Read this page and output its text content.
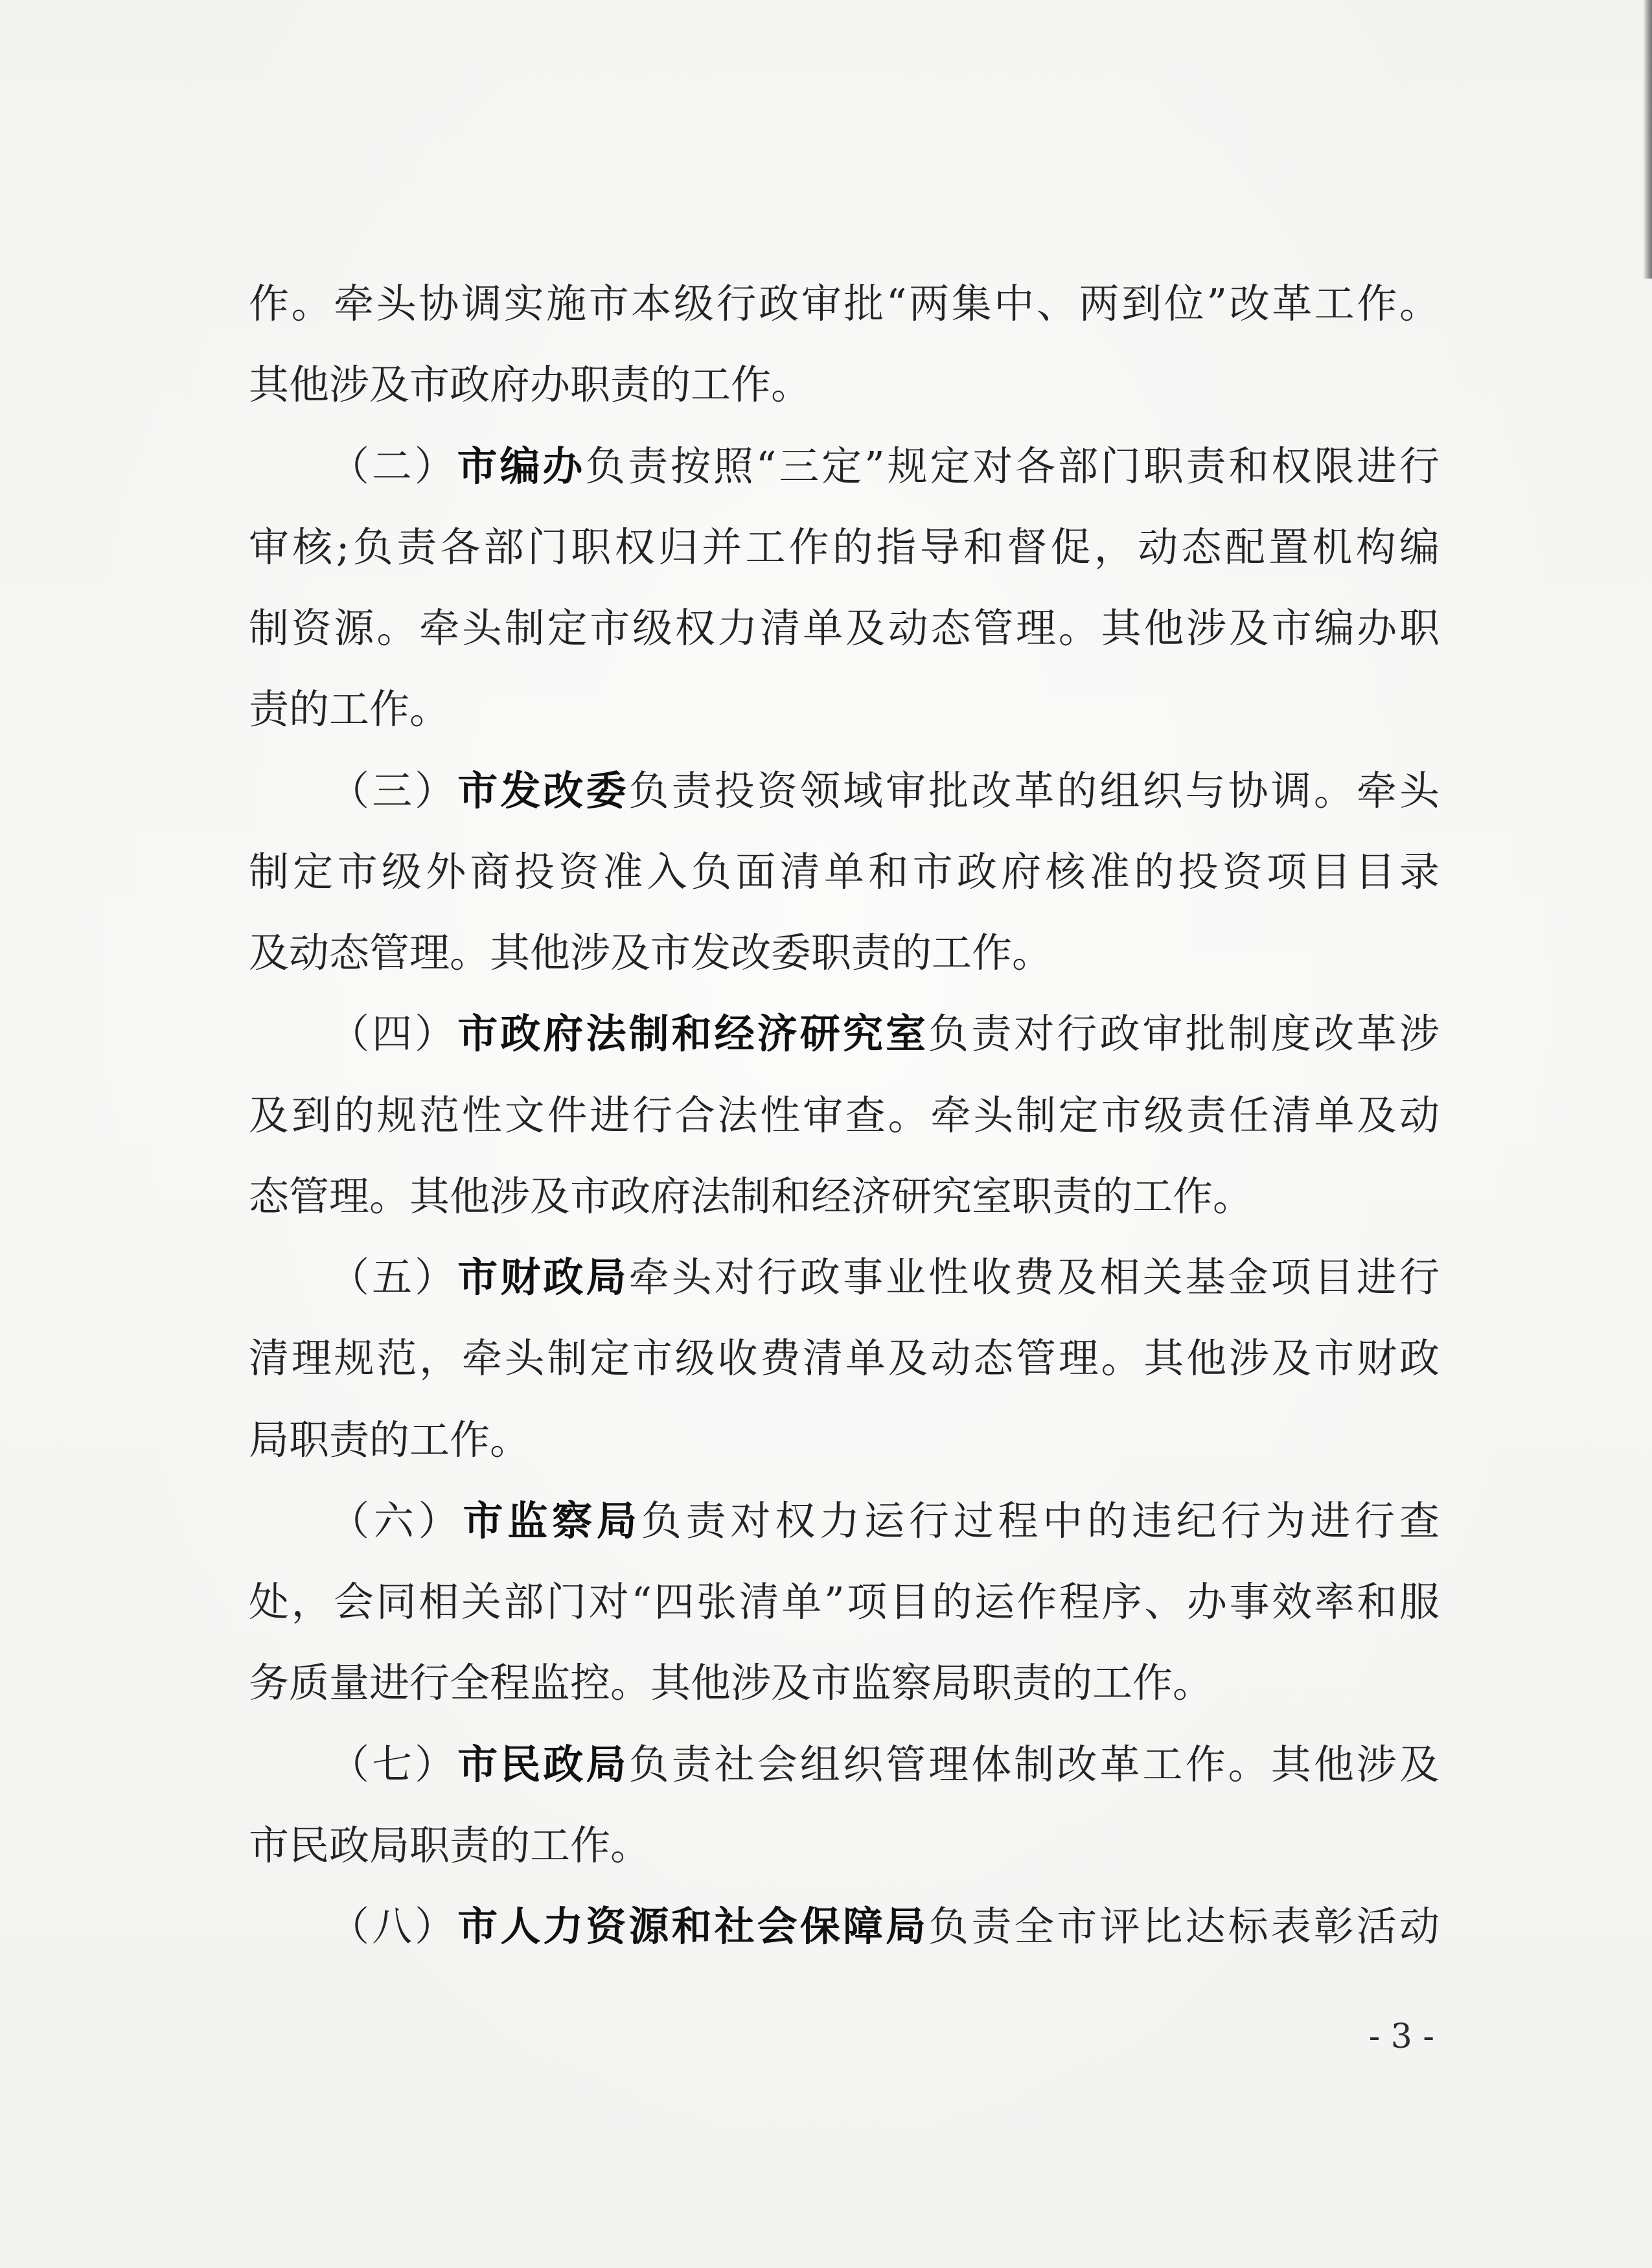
作。牵头协调实施市本级行政审批“两集中、两到位”改革工作。
其他涉及市政府办职责的工作。
（二）市编办负责按照“三定”规定对各部门职责和权限进行
审核;负责各部门职权归并工作的指导和督促，动态配置机构编
制资源。牵头制定市级权力清单及动态管理。其他涉及市编办职
责的工作。
（三）市发改委负责投资领域审批改革的组织与协调。牵头
制定市级外商投资准入负面清单和市政府核准的投资项目目录
及动态管理。其他涉及市发改委职责的工作。
（四）市政府法制和经济研究室负责对行政审批制度改革涉
及到的规范性文件进行合法性审查。牵头制定市级责任清单及动
态管理。其他涉及市政府法制和经济研究室职责的工作。
（五）市财政局牵头对行政事业性收费及相关基金项目进行
清理规范，牵头制定市级收费清单及动态管理。其他涉及市财政
局职责的工作。
（六）市监察局负责对权力运行过程中的违纪行为进行查
处，会同相关部门对“四张清单”项目的运作程序、办事效率和服
务质量进行全程监控。其他涉及市监察局职责的工作。
（七）市民政局负责社会组织管理体制改革工作。其他涉及
市民政局职责的工作。
（八）市人力资源和社会保障局负责全市评比达标表彰活动
- 3 -
